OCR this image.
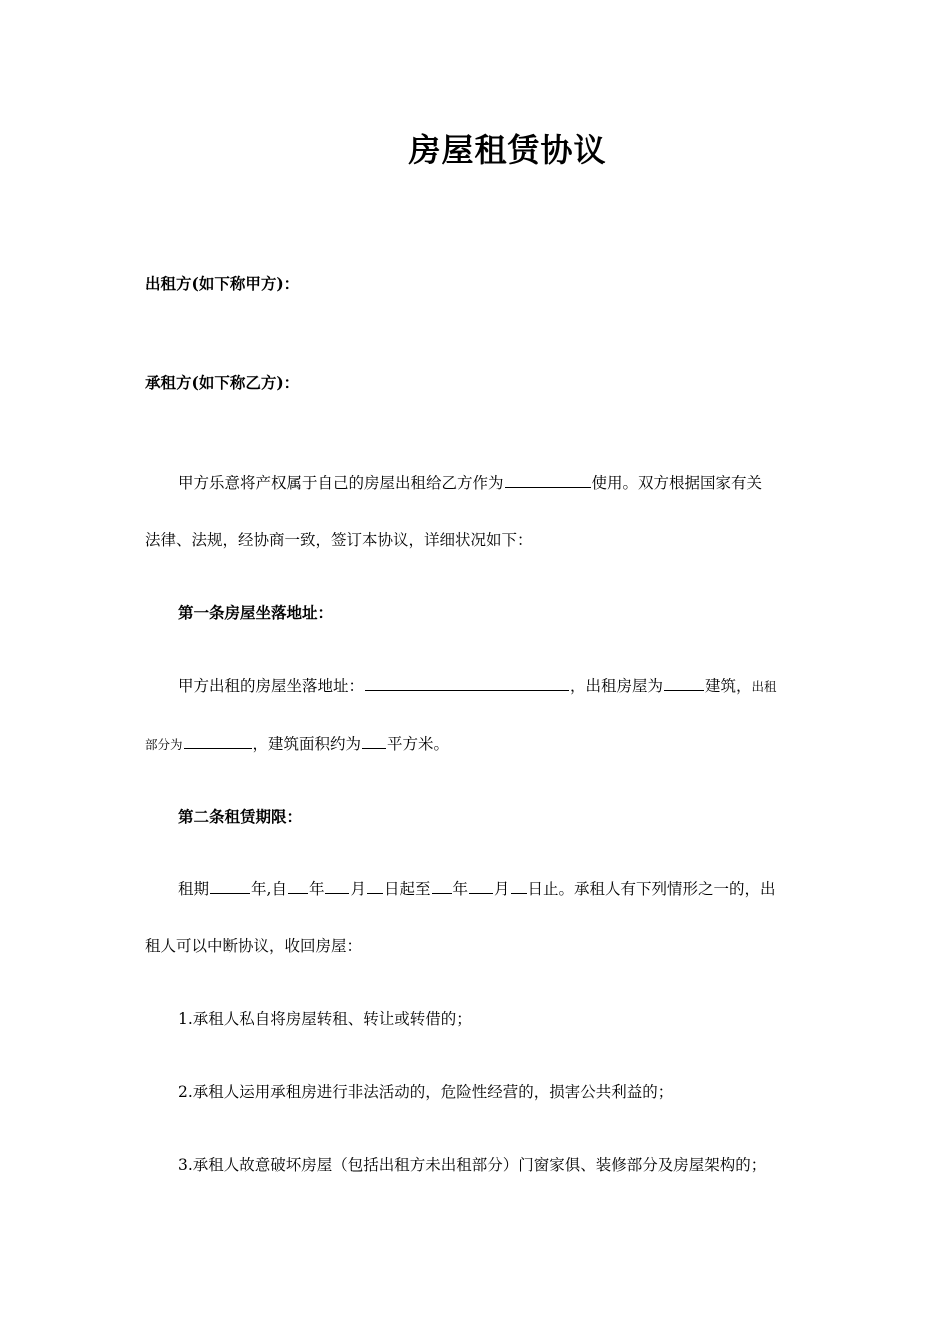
房屋租赁协议
出租方(如下称甲方)：
承租方(如下称乙方)：
甲方乐意将产权属于自己的房屋出租给乙方作为	使用。双方根据国家有关
法律、法规，经协商一致，签订本协议，详细状况如下：
第一条房屋坐落地址：
甲方出租的房屋坐落地址：	，出租房屋为	建筑，出租
部分为	，建筑面积约为 平方米。
第二条租赁期限：
租期	年,自 年 月 日起至 年 月 日止。承租人有下列情形之一的，出
租人可以中断协议，收回房屋：
1.承租人私自将房屋转租、转让或转借的；
2.承租人运用承租房进行非法活动的，危险性经营的，损害公共利益的；
3.承租人故意破坏房屋（包括出租方未出租部分）门窗家俱、装修部分及房屋架构的；
